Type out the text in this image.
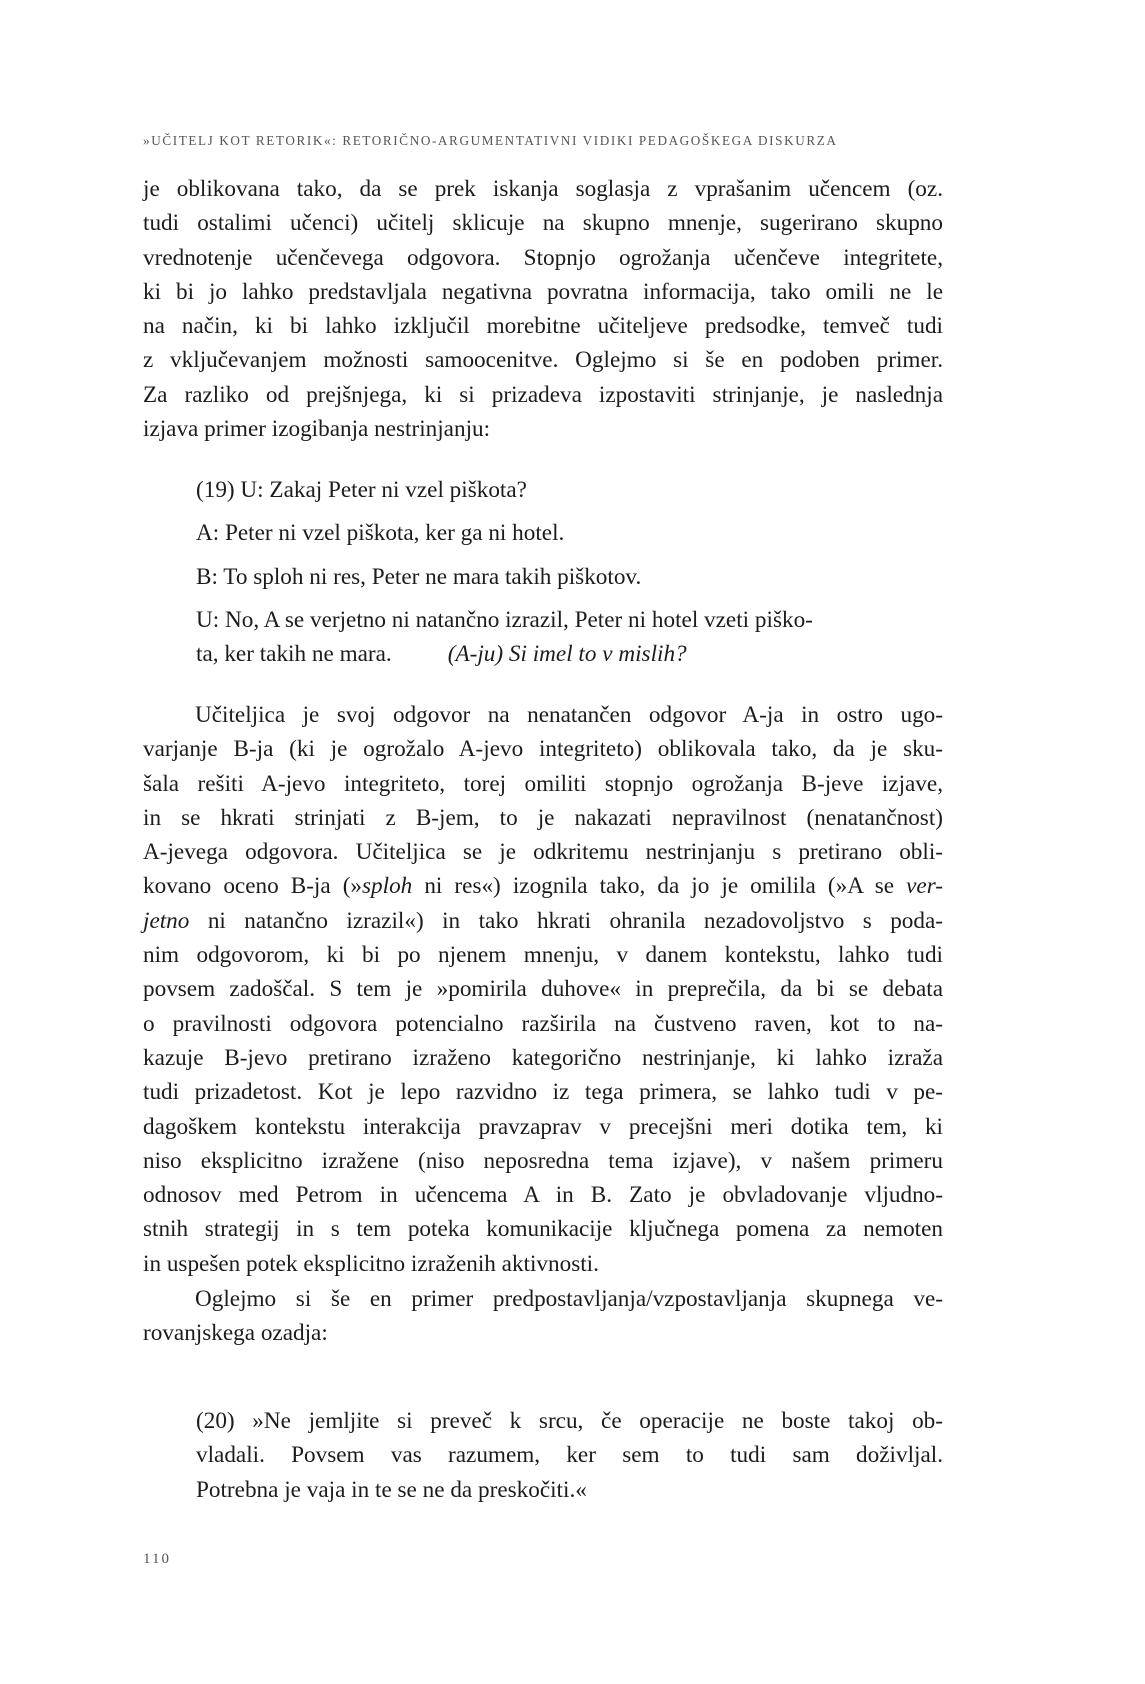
»UČITELJ KOT RETORIK«: RETORIČNO-ARGUMENTATIVNI VIDIKI PEDAGOŠKEGA DISKURZA
je oblikovana tako, da se prek iskanja soglasja z vprašanim učencem (oz.
tudi ostalimi učenci) učitelj sklicuje na skupno mnenje, sugerirano skupno
vrednotenje učenčevega odgovora. Stopnjo ogrožanja učenčeve integritete,
ki bi jo lahko predstavljala negativna povratna informacija, tako omili ne le
na način, ki bi lahko izključil morebitne učiteljeve predsodke, temveč tudi
z vključevanjem možnosti samoocenitve. Oglejmo si še en podoben primer.
Za razliko od prejšnjega, ki si prizadeva izpostaviti strinjanje, je naslednja
izjava primer izogibanja nestrinjanju:
(19) U: Zakaj Peter ni vzel piškota?
A: Peter ni vzel piškota, ker ga ni hotel.
B: To sploh ni res, Peter ne mara takih piškotov.
U: No, A se verjetno ni natančno izrazil, Peter ni hotel vzeti piško-
ta, ker takih ne mara. (A-ju) Si imel to v mislih?
Učiteljica je svoj odgovor na nenatančen odgovor A-ja in ostro ugo-
varjanje B-ja (ki je ogrožalo A-jevo integriteto) oblikovala tako, da je sku-
šala rešiti A-jevo integriteto, torej omiliti stopnjo ogrožanja B-jeve izjave,
in se hkrati strinjati z B-jem, to je nakazati nepravilnost (nenatančnost)
A-jevega odgovora. Učiteljica se je odkritemu nestrinjanju s pretirano obli-
kovano oceno B-ja (»sploh ni res«) izognila tako, da jo je omilila (»A se ver-
jetno ni natančno izrazil«) in tako hkrati ohranila nezadovoljstvo s poda-
nim odgovorom, ki bi po njenem mnenju, v danem kontekstu, lahko tudi
povsem zadoščal. S tem je »pomirila duhove« in preprečila, da bi se debata
o pravilnosti odgovora potencialno razširila na čustveno raven, kot to na-
kazuje B-jevo pretirano izraženo kategorično nestrinjanje, ki lahko izraža
tudi prizadetost. Kot je lepo razvidno iz tega primera, se lahko tudi v pe-
dagoškem kontekstu interakcija pravzaprav v precejšni meri dotika tem, ki
niso eksplicitno izražene (niso neposredna tema izjave), v našem primeru
odnosov med Petrom in učencema A in B. Zato je obvladovanje vljudno-
stnih strategij in s tem poteka komunikacije ključnega pomena za nemoten
in uspešen potek eksplicitno izraženih aktivnosti.
Oglejmo si še en primer predpostavljanja/vzpostavljanja skupnega ve-
rovanjskega ozadja:
(20) »Ne jemljite si preveč k srcu, če operacije ne boste takoj ob-
vladali. Povsem vas razumem, ker sem to tudi sam doživljal.
Potrebna je vaja in te se ne da preskočiti.«
110
